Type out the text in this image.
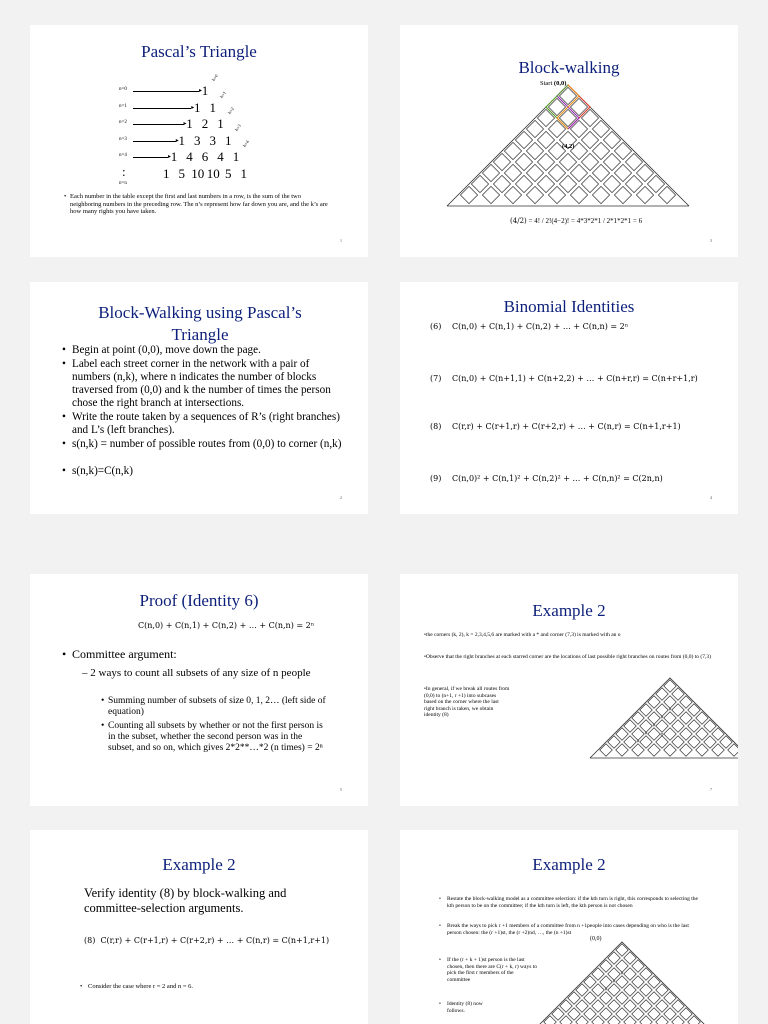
Pascal’s Triangle
n=0	▸ 1
k=0
n=1	▸ 1 1
k=1
n=2	▸ 1 2 1
k=2
n=3	▸ 1 3 3 1
k=3
n=4	▸ 1 4 6 4 1
k=4
:	1 5 10 10 5 1
n=n
• Each number in the table except the first and last numbers in a row, is the sum of the two neighboring numbers in the preceding row. The n’s represent how far down you are, and the k’s are how many rights you have taken.
1
Block-walking
Start (0,0)
(4,2)
(4/2) = 4! / 2!(4−2)! = 4*3*2*1 / 2*1*2*1 = 6
3
Block-Walking using Pascal’s Triangle
• Begin at point (0,0), move down the page.
• Label each street corner in the network with a pair of numbers (n,k), where n indicates the number of blocks traversed from (0,0) and k the number of times the person chose the right branch at intersections.
• Write the route taken by a sequences of R’s (right branches) and L’s (left branches).
• s(n,k) = number of possible routes from (0,0) to corner (n,k)
• s(n,k)=C(n,k)
2
Binomial Identities
(6) C(n,0) + C(n,1) + C(n,2) + … + C(n,n) = 2ⁿ
(7) C(n,0) + C(n+1,1) + C(n+2,2) + … + C(n+r,r) = C(n+r+1,r)
(8) C(r,r) + C(r+1,r) + C(r+2,r) + … + C(n,r) = C(n+1,r+1)
(9) C(n,0)² + C(n,1)² + C(n,2)² + … + C(n,n)² = C(2n,n)
4
Proof (Identity 6)
C(n,0) + C(n,1) + C(n,2) + … + C(n,n) = 2ⁿ
• Committee argument:
– 2 ways to count all subsets of any size of n people
• Summing number of subsets of size 0, 1, 2… (left side of equation)
• Counting all subsets by whether or not the first person is in the subset, whether the second person was in the subset, and so on, which gives 2*2**…*2 (n times) = 2ⁿ
5
Example 2
•the corners (k, 2), k = 2,3,4,5,6 are marked with a * and corner (7,3) is marked with an o
•Observe that the right branches at each starred corner are the locations of last possible right branches on routes from (0,0) to (7,3)
•In general, if we break all routes from (0,0) to (n+1, r +1) into subcases based on the corner where the last right branch is taken, we obtain identity (8)
*
*
*
*
*
o
7
Example 2
Verify identity (8) by block-walking and committee-selection arguments.
(8) C(r,r) + C(r+1,r) + C(r+2,r) + … + C(n,r) = C(n+1,r+1)
• Consider the case where r = 2 and n = 6.
Example 2
• Restate the block-walking model as a committee selection: if the kth turn is right, this corresponds to selecting the kth person to be on the committee; if the kth turn is left, the kth person is not chosen
• Break the ways to pick r +1 members of a committee from n +1people into cases depending on who is the last person chosen: the (r +1)st, the (r +2)nd, …, the (n +1)st
• If the (r + k + 1)st person is the last chosen, then there are C(r + k, r) ways to pick the first r members of the committee
• Identity (8) now follows.
(0,0)
*
*
*
